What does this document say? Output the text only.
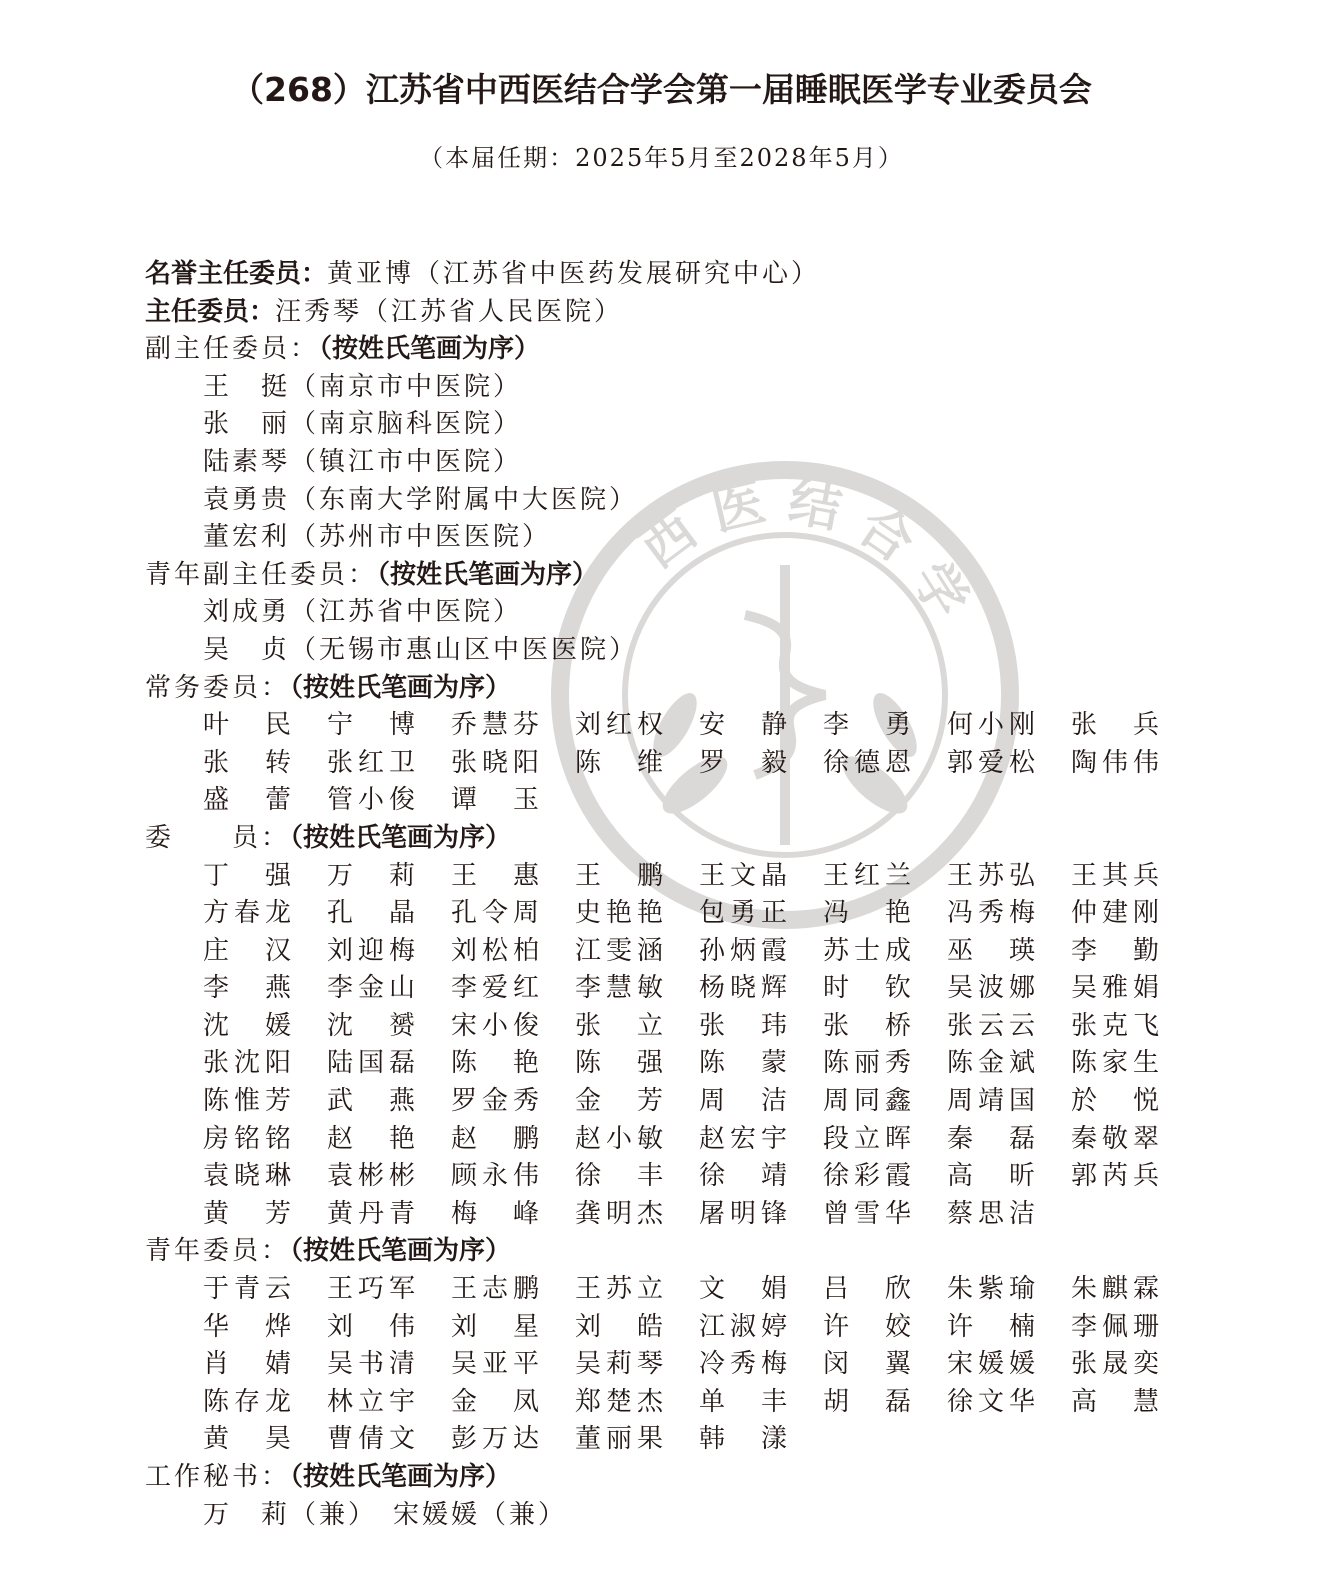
西 医 结 合 学
（268）江苏省中西医结合学会第一届睡眠医学专业委员会
（本届任期：2025年5月至2028年5月）
名誉主任委员：黄亚博（江苏省中医药发展研究中心）
主任委员：汪秀琴（江苏省人民医院）
副主任委员：（按姓氏笔画为序）
王　挺（南京市中医院）
张　丽（南京脑科医院）
陆素琴（镇江市中医院）
袁勇贵（东南大学附属中大医院）
董宏利（苏州市中医医院）
青年副主任委员：（按姓氏笔画为序）
刘成勇（江苏省中医院）
吴　贞（无锡市惠山区中医医院）
常务委员：（按姓氏笔画为序）
叶　民	宁　博	乔慧芬	刘红权	安　静	李　勇	何小刚	张　兵
张　转	张红卫	张晓阳	陈　维	罗　毅	徐德恩	郭爱松	陶伟伟
盛　蕾	管小俊	谭　玉
委　　员：（按姓氏笔画为序）
丁　强	万　莉	王　惠	王　鹏	王文晶	王红兰	王苏弘	王其兵
方春龙	孔　晶	孔令周	史艳艳	包勇正	冯　艳	冯秀梅	仲建刚
庄　汉	刘迎梅	刘松柏	江雯涵	孙炳霞	苏士成	巫　瑛	李　勤
李　燕	李金山	李爱红	李慧敏	杨晓辉	时　钦	吴波娜	吴雅娟
沈　媛	沈　赟	宋小俊	张　立	张　玮	张　桥	张云云	张克飞
张沈阳	陆国磊	陈　艳	陈　强	陈　蒙	陈丽秀	陈金斌	陈家生
陈惟芳	武　燕	罗金秀	金　芳	周　洁	周同鑫	周靖国	於　悦
房铭铭	赵　艳	赵　鹏	赵小敏	赵宏宇	段立晖	秦　磊	秦敬翠
袁晓琳	袁彬彬	顾永伟	徐　丰	徐　靖	徐彩霞	高　昕	郭芮兵
黄　芳	黄丹青	梅　峰	龚明杰	屠明锋	曾雪华	蔡思洁
青年委员：（按姓氏笔画为序）
于青云	王巧军	王志鹏	王苏立	文　娟	吕　欣	朱紫瑜	朱麒霖
华　烨	刘　伟	刘　星	刘　皓	江淑婷	许　姣	许　楠	李佩珊
肖　婧	吴书清	吴亚平	吴莉琴	冷秀梅	闵　翼	宋媛媛	张晟奕
陈存龙	林立宇	金　凤	郑楚杰	单　丰	胡　磊	徐文华	高　慧
黄　昊	曹倩文	彭万达	董丽果	韩　漾
工作秘书：（按姓氏笔画为序）
万　莉（兼）　宋媛媛（兼）
